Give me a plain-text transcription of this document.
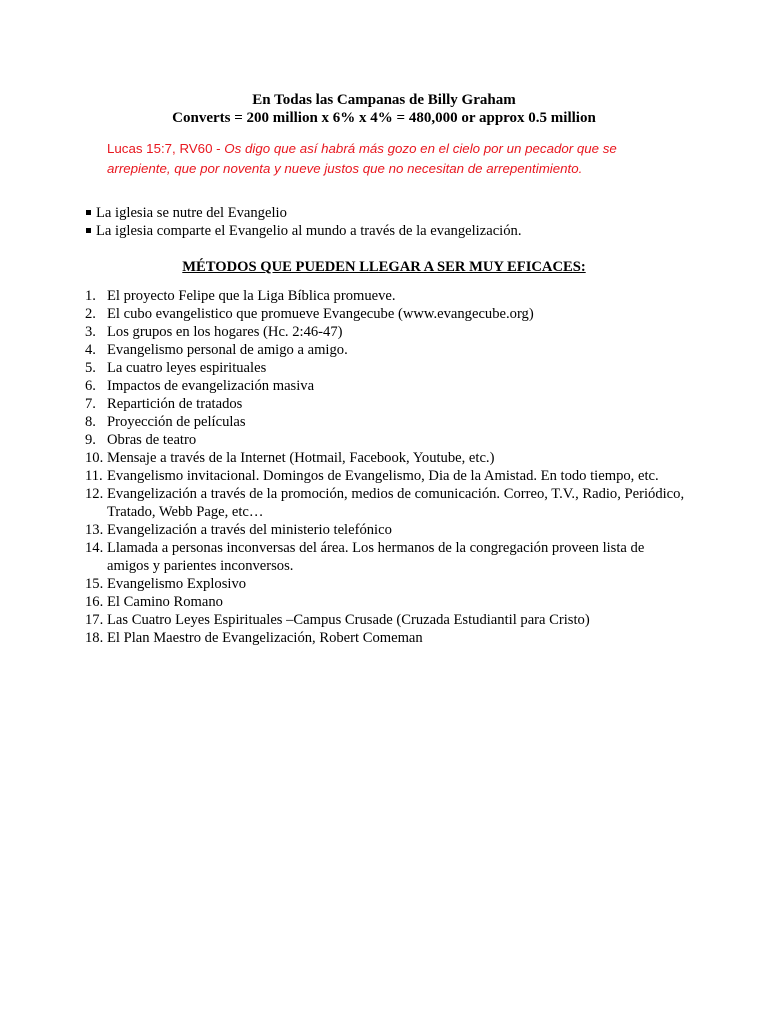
En Todas las Campanas de Billy Graham
Converts = 200 million x 6% x 4% = 480,000 or approx 0.5 million
Lucas 15:7, RV60 - Os digo que así habrá más gozo en el cielo por un pecador que se arrepiente, que por noventa y nueve justos que no necesitan de arrepentimiento.
La iglesia se nutre del Evangelio
La iglesia comparte el Evangelio al mundo a través de la evangelización.
MÉTODOS QUE PUEDEN LLEGAR A SER MUY EFICACES:
1. El proyecto Felipe que la Liga Bíblica promueve.
2. El cubo evangelistico que promueve Evangecube (www.evangecube.org)
3. Los grupos en los hogares (Hc. 2:46-47)
4. Evangelismo personal de amigo a amigo.
5. La cuatro leyes espirituales
6. Impactos de evangelización masiva
7. Repartición de tratados
8. Proyección de películas
9. Obras de teatro
10. Mensaje a través de la Internet (Hotmail, Facebook, Youtube, etc.)
11. Evangelismo invitacional. Domingos de Evangelismo, Dia de la Amistad. En todo tiempo, etc.
12. Evangelización a través de la promoción, medios de comunicación. Correo, T.V., Radio, Periódico, Tratado, Webb Page, etc…
13. Evangelización a través del ministerio telefónico
14. Llamada a personas inconversas del área. Los hermanos de la congregación proveen lista de amigos y parientes inconversos.
15. Evangelismo Explosivo
16. El Camino Romano
17. Las Cuatro Leyes Espirituales –Campus Crusade (Cruzada Estudiantil para Cristo)
18. El Plan Maestro de Evangelización, Robert Comeman
